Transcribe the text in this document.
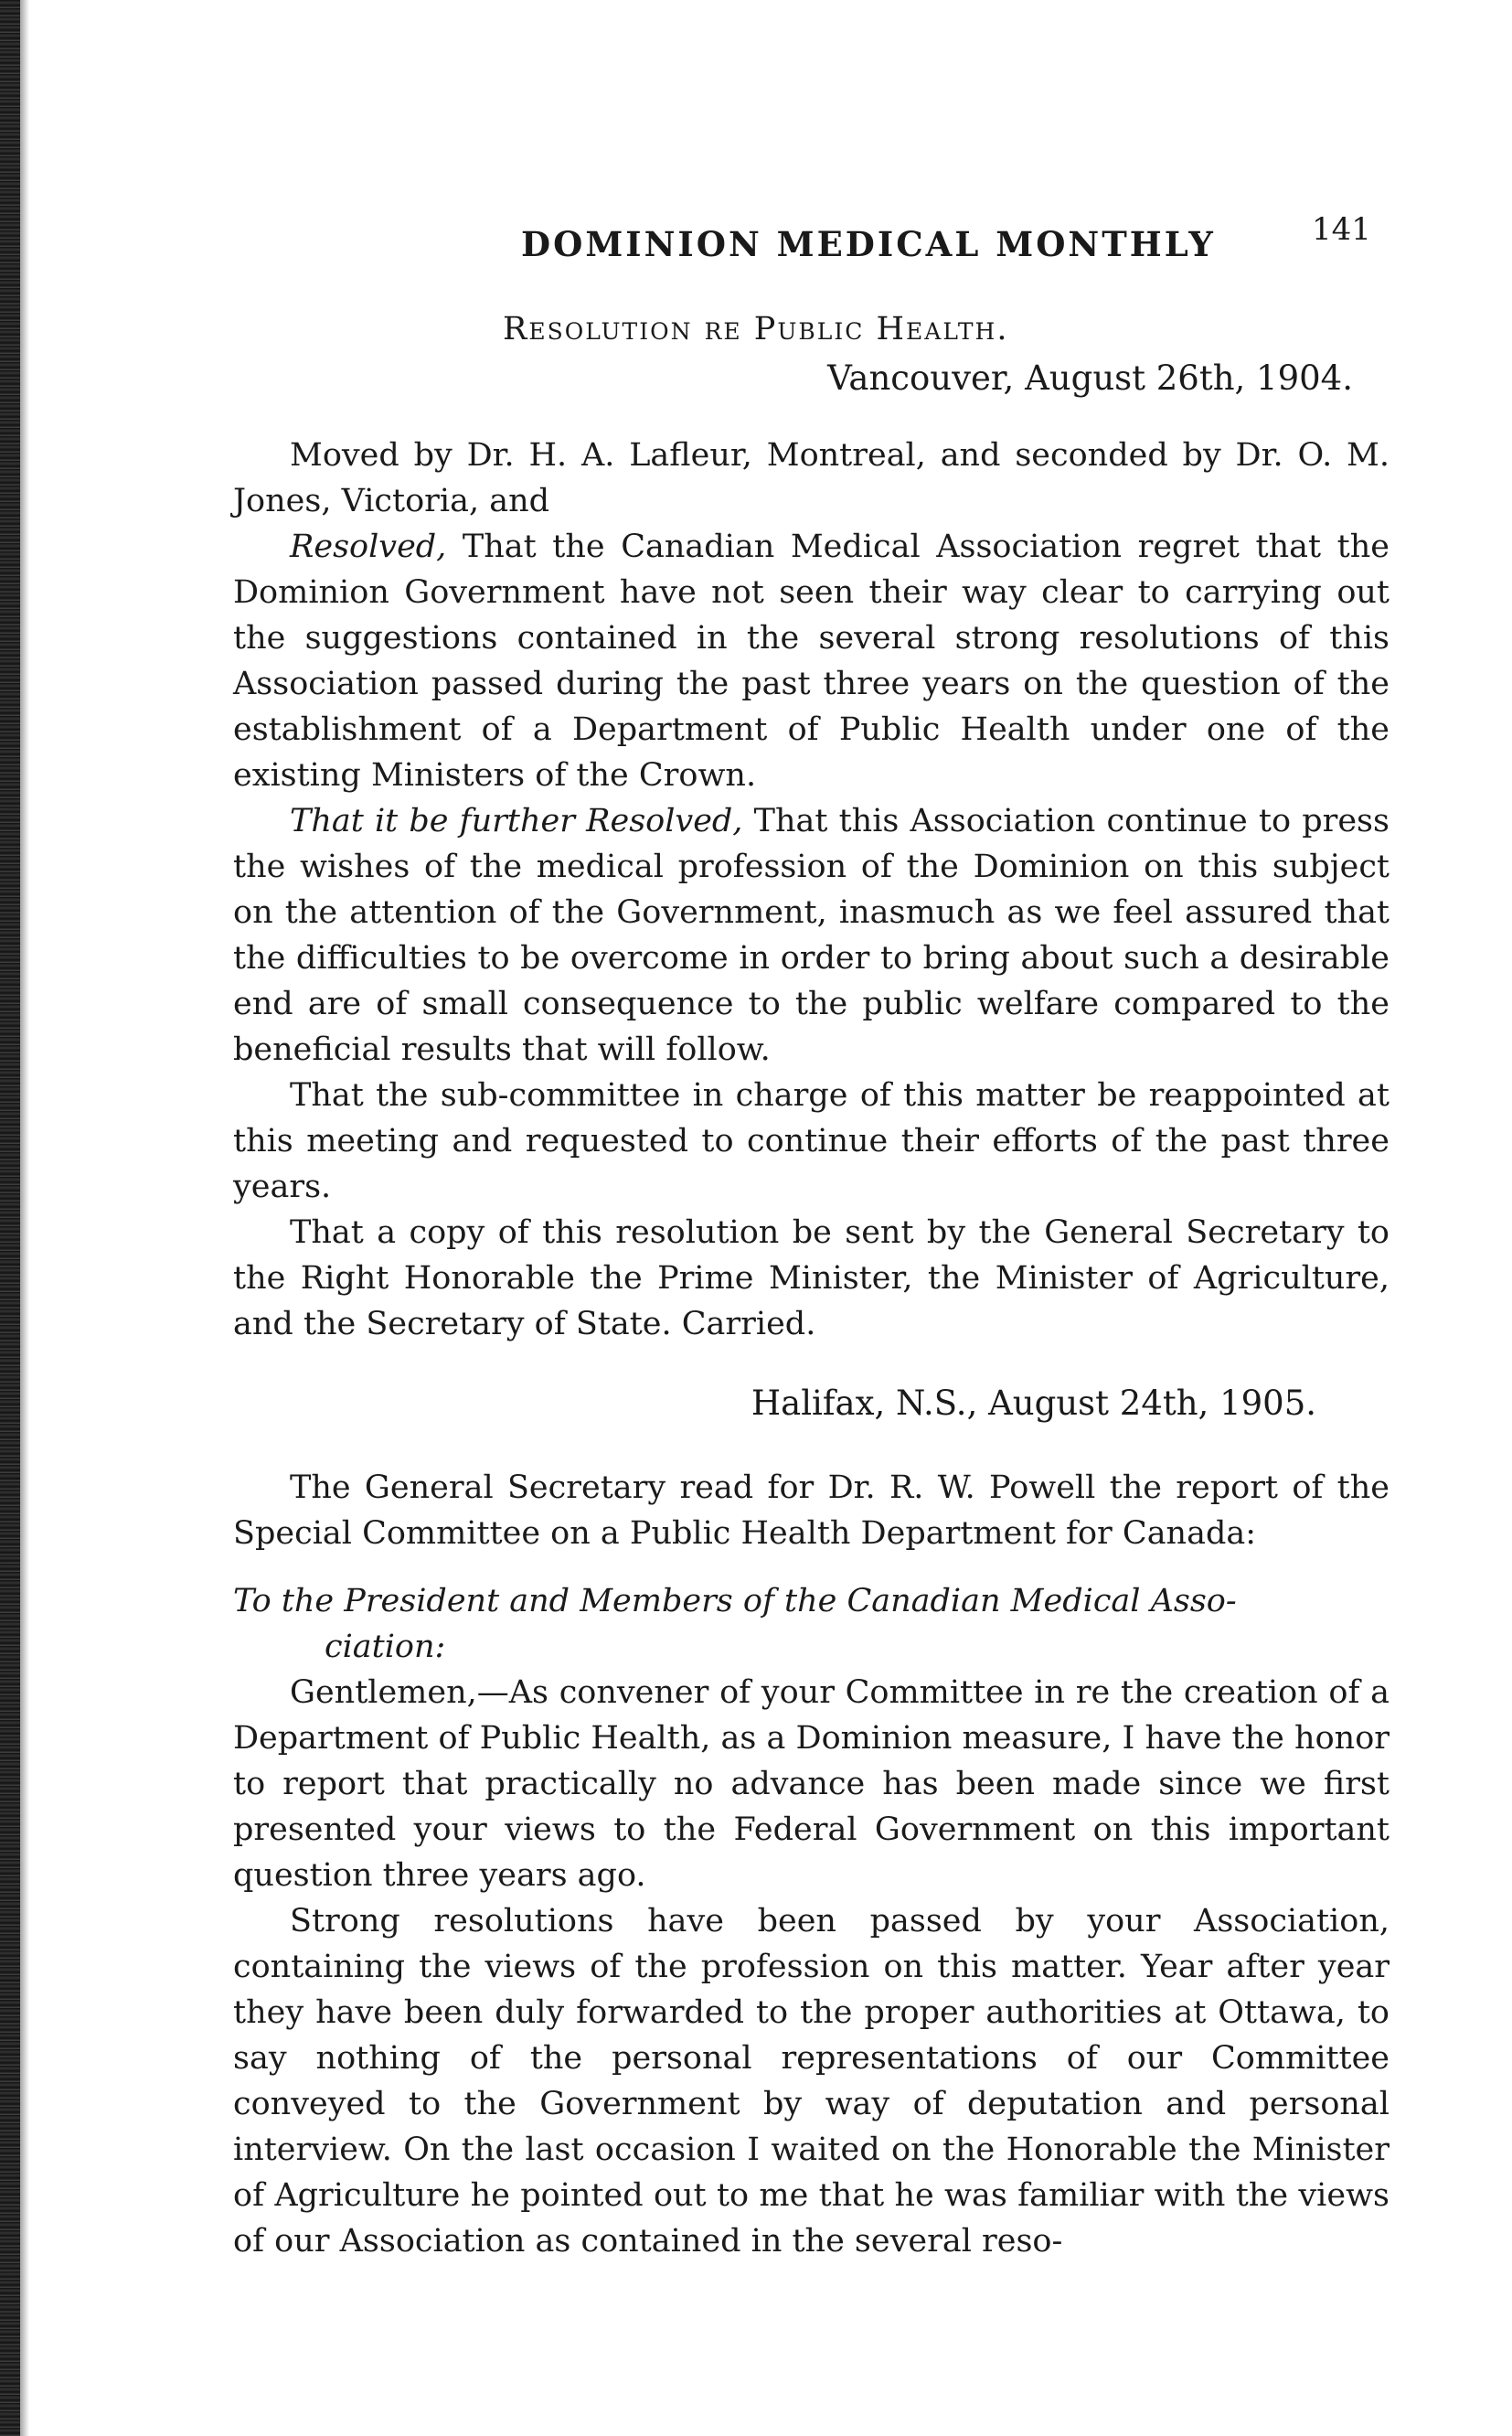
DOMINION MEDICAL MONTHLY	141
Resolution re Public Health.
Vancouver, August 26th, 1904.

Moved by Dr. H. A. Lafleur, Montreal, and seconded by Dr. O. M. Jones, Victoria, and

Resolved, That the Canadian Medical Association regret that the Dominion Government have not seen their way clear to carrying out the suggestions contained in the several strong resolutions of this Association passed during the past three years on the question of the establishment of a Department of Public Health under one of the existing Ministers of the Crown.

That it be further Resolved, That this Association continue to press the wishes of the medical profession of the Dominion on this subject on the attention of the Government, inasmuch as we feel assured that the difficulties to be overcome in order to bring about such a desirable end are of small consequence to the public welfare compared to the beneficial results that will follow.

That the sub-committee in charge of this matter be reappointed at this meeting and requested to continue their efforts of the past three years.

That a copy of this resolution be sent by the General Secretary to the Right Honorable the Prime Minister, the Minister of Agriculture, and the Secretary of State. Carried.

Halifax, N.S., August 24th, 1905.

The General Secretary read for Dr. R. W. Powell the report of the Special Committee on a Public Health Department for Canada:

To the President and Members of the Canadian Medical Asso-
ciation:

Gentlemen,—As convener of your Committee in re the creation of a Department of Public Health, as a Dominion measure, I have the honor to report that practically no advance has been made since we first presented your views to the Federal Government on this important question three years ago.

Strong resolutions have been passed by your Association, containing the views of the profession on this matter. Year after year they have been duly forwarded to the proper authorities at Ottawa, to say nothing of the personal representations of our Committee conveyed to the Government by way of deputation and personal interview. On the last occasion I waited on the Honorable the Minister of Agriculture he pointed out to me that he was familiar with the views of our Association as contained in the several reso-
